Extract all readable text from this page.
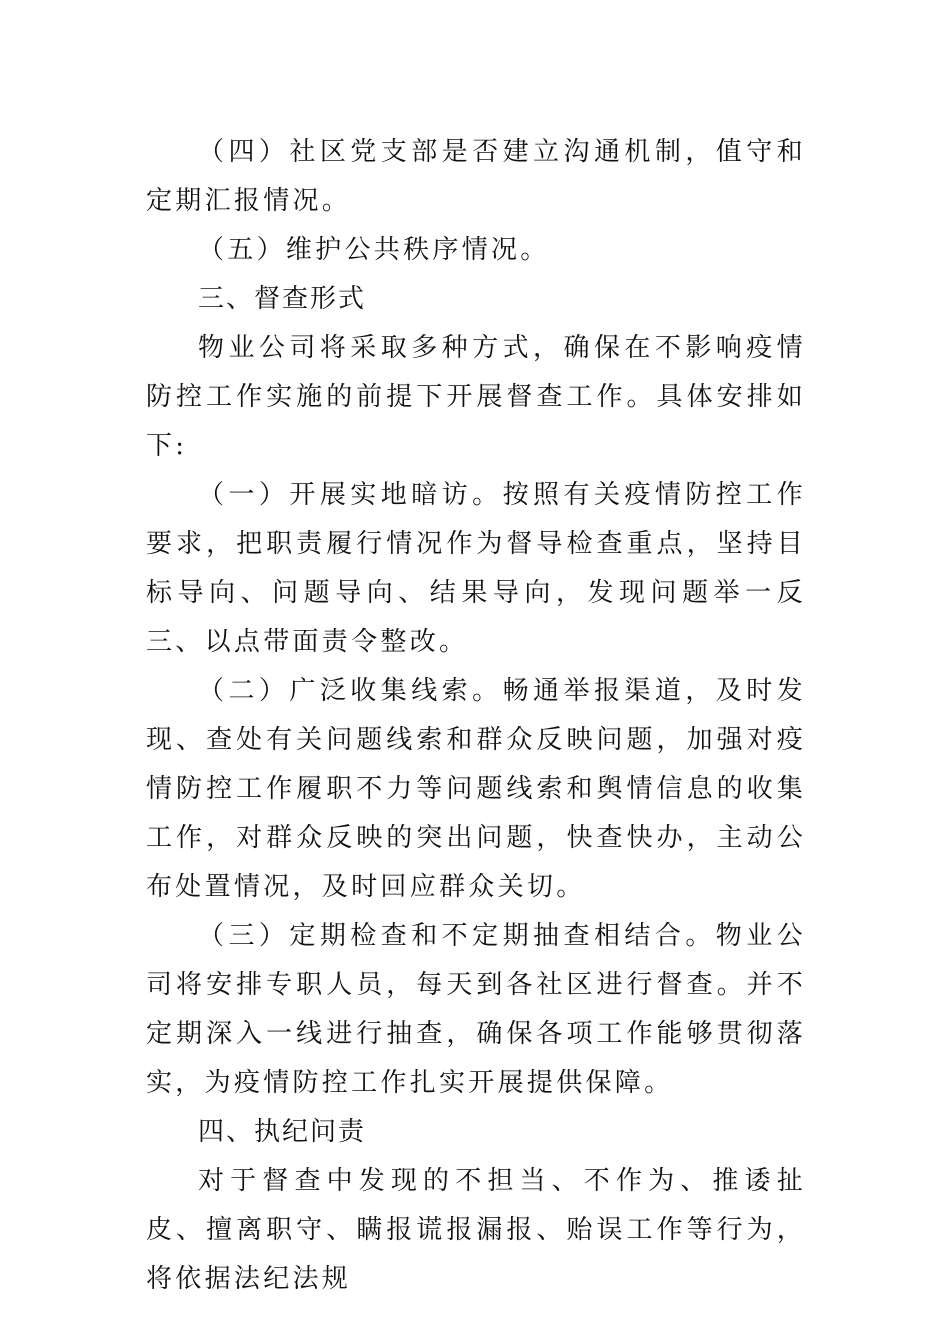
（四）社区党支部是否建立沟通机制，值守和定期汇报情况。

（五）维护公共秩序情况。

三、督查形式

物业公司将采取多种方式，确保在不影响疫情防控工作实施的前提下开展督查工作。具体安排如下:

（一）开展实地暗访。按照有关疫情防控工作要求，把职责履行情况作为督导检查重点，坚持目标导向、问题导向、结果导向，发现问题举一反三、以点带面责令整改。

（二）广泛收集线索。畅通举报渠道，及时发现、查处有关问题线索和群众反映问题，加强对疫情防控工作履职不力等问题线索和舆情信息的收集工作，对群众反映的突出问题，快查快办，主动公布处置情况，及时回应群众关切。

（三）定期检查和不定期抽查相结合。物业公司将安排专职人员，每天到各社区进行督查。并不定期深入一线进行抽查，确保各项工作能够贯彻落实，为疫情防控工作扎实开展提供保障。

四、执纪问责

对于督查中发现的不担当、不作为、推诿扯皮、擅离职守、瞒报谎报漏报、贻误工作等行为，将依据法纪法规
